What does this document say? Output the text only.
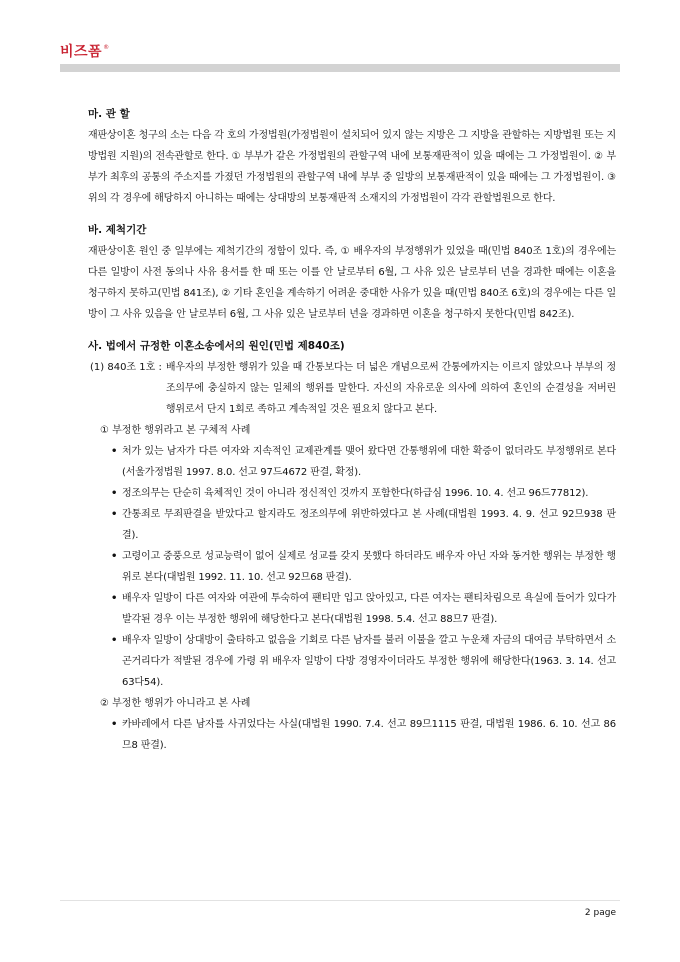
비즈폼 ®
마. 관 할
재판상이혼 청구의 소는 다음 각 호의 가정법원(가정법원이 설치되어 있지 않는 지방은 그 지방을 관할하는 지방법원 또는 지방법원 지원)의 전속관할로 한다. ① 부부가 같은 가정법원의 관할구역 내에 보통재판적이 있을 때에는 그 가정법원이. ② 부부가 최후의 공통의 주소지를 가졌던 가정법원의 관할구역 내에 부부 중 일방의 보통재판적이 있을 때에는 그 가정법원이. ③ 위의 각 경우에 해당하지 아니하는 때에는 상대방의 보통재판적 소재지의 가정법원이 각각 관할법원으로 한다.
바. 제척기간
재판상이혼 원인 중 일부에는 제척기간의 정함이 있다. 즉, ① 배우자의 부정행위가 있었을 때(민법 840조 1호)의 경우에는 다른 일방이 사전 동의나 사유 용서를 한 때 또는 이를 안 날로부터 6월, 그 사유 있은 날로부터 년을 경과한 때에는 이혼을 청구하지 못하고(민법 841조), ② 기타 혼인을 계속하기 어려운 중대한 사유가 있을 때(민법 840조 6호)의 경우에는 다른 일방이 그 사유 있음을 안 날로부터 6월, 그 사유 있은 날로부터 년을 경과하면 이혼을 청구하지 못한다(민법 842조).
사. 법에서 규정한 이혼소송에서의 원인(민법 제840조)
(1) 840조 1호 : 배우자의 부정한 행위가 있을 때 간통보다는 더 넓은 개념으로써 간통에까지는 이르지 않았으나 부부의 정조의무에 충실하지 않는 일체의 행위를 말한다. 자신의 자유로운 의사에 의하여 혼인의 순결성을 저버린 행위로서 단지 1회로 족하고 계속적일 것은 필요치 않다고 본다.
① 부정한 행위라고 본 구체적 사례
• 처가 있는 남자가 다른 여자와 지속적인 교제관계를 맺어 왔다면 간통행위에 대한 확증이 없더라도 부정행위로 본다(서울가정법원 1997. 8.0. 선고 97드4672 판결, 확정).
• 정조의무는 단순히 육체적인 것이 아니라 정신적인 것까지 포함한다(하급심 1996. 10. 4. 선고 96드77812).
• 간통죄로 무죄판결을 받았다고 할지라도 정조의무에 위반하였다고 본 사례(대법원 1993. 4. 9. 선고 92므938 판결).
• 고령이고 중풍으로 성교능력이 없어 실제로 성교를 갖지 못했다 하더라도 배우자 아닌 자와 동거한 행위는 부정한 행위로 본다(대법원 1992. 11. 10. 선고 92므68 판결).
• 배우자 일방이 다른 여자와 여관에 투숙하여 팬티만 입고 앉아있고, 다른 여자는 팬티차림으로 욕실에 들어가 있다가 발각된 경우 이는 부정한 행위에 해당한다고 본다(대법원 1998. 5.4. 선고 88므7 판결).
• 배우자 일방이 상대방이 출타하고 없음을 기회로 다른 남자를 불러 이불을 깔고 누운채 자금의 대여금 부탁하면서 소곤거리다가 적발된 경우에 가령 위 배우자 일방이 다방 경영자이더라도 부정한 행위에 해당한다(1963. 3. 14. 선고 63다54).
② 부정한 행위가 아니라고 본 사례
• 카바레에서 다른 남자를 사귀었다는 사실(대법원 1990. 7.4. 선고 89므1115 판결, 대법원 1986. 6. 10. 선고 86므8 판결).
2 page
